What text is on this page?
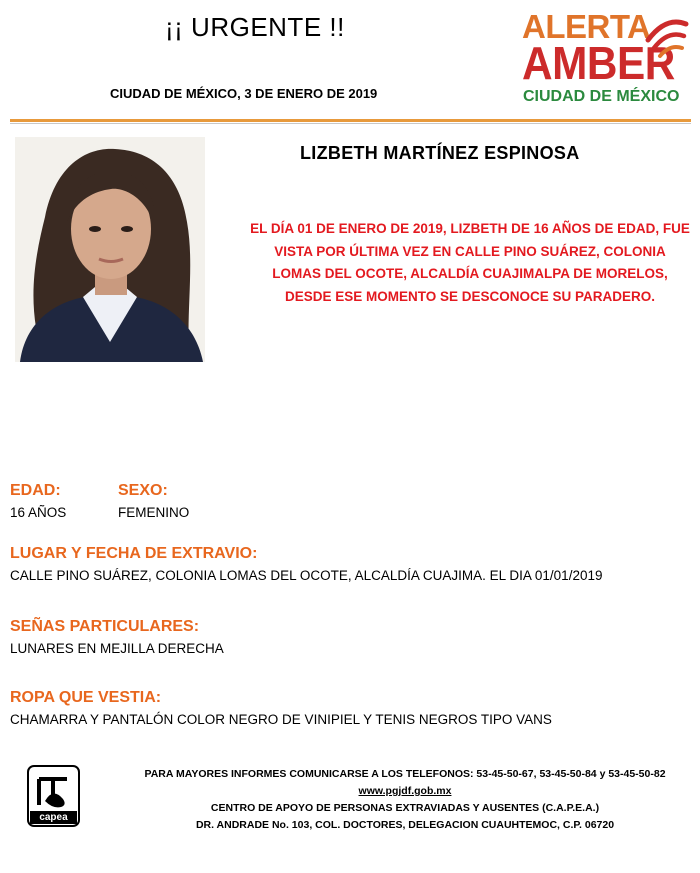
¡¡ URGENTE !!
CIUDAD DE MÉXICO, 3 DE ENERO DE 2019
ALERTA
AMBER
CIUDAD DE MÉXICO
LIZBETH MARTÍNEZ ESPINOSA
EL DÍA 01 DE ENERO DE 2019, LIZBETH DE 16 AÑOS DE EDAD, FUE VISTA POR ÚLTIMA VEZ EN CALLE PINO SUÁREZ, COLONIA LOMAS DEL OCOTE, ALCALDÍA CUAJIMALPA DE MORELOS, DESDE ESE MOMENTO SE DESCONOCE SU PARADERO.
EDAD:
16 AÑOS
SEXO:
FEMENINO
LUGAR Y FECHA DE EXTRAVIO:
CALLE PINO SUÁREZ, COLONIA LOMAS DEL OCOTE, ALCALDÍA CUAJIMA. EL DIA 01/01/2019
SEÑAS PARTICULARES:
LUNARES EN MEJILLA DERECHA
ROPA QUE VESTIA:
CHAMARRA Y PANTALÓN COLOR NEGRO DE VINIPIEL Y TENIS NEGROS TIPO VANS
capea
PARA MAYORES INFORMES COMUNICARSE A LOS TELEFONOS: 53-45-50-67, 53-45-50-84 y 53-45-50-82
www.pgjdf.gob.mx
CENTRO DE APOYO DE PERSONAS EXTRAVIADAS Y AUSENTES (C.A.P.E.A.)
DR. ANDRADE No. 103, COL. DOCTORES, DELEGACION CUAUHTEMOC, C.P. 06720
